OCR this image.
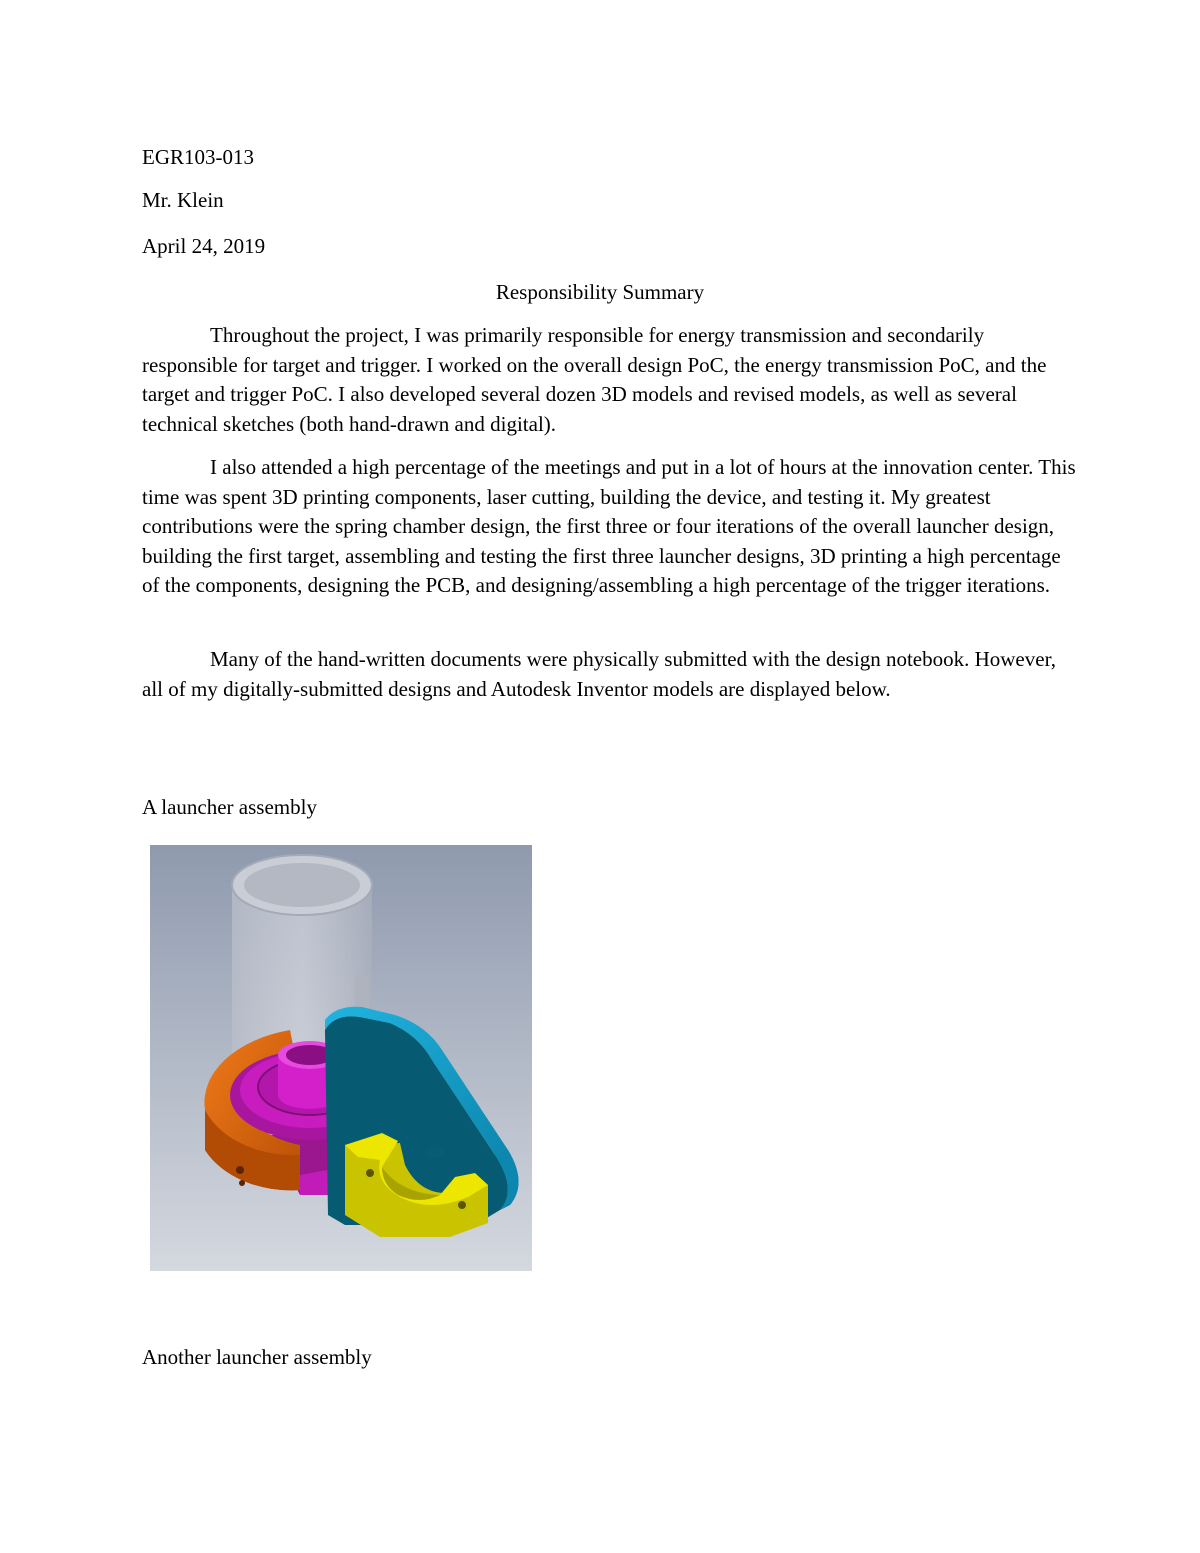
EGR103-013
Mr. Klein
April 24, 2019
Responsibility Summary

Throughout the project, I was primarily responsible for energy transmission and secondarily responsible for target and trigger. I worked on the overall design PoC, the energy transmission PoC, and the target and trigger PoC. I also developed several dozen 3D models and revised models, as well as several technical sketches (both hand-drawn and digital).

I also attended a high percentage of the meetings and put in a lot of hours at the innovation center. This time was spent 3D printing components, laser cutting, building the device, and testing it. My greatest contributions were the spring chamber design, the first three or four iterations of the overall launcher design, building the first target, assembling and testing the first three launcher designs, 3D printing a high percentage of the components, designing the PCB, and designing/assembling a high percentage of the trigger iterations.

Many of the hand-written documents were physically submitted with the design notebook. However, all of my digitally-submitted designs and Autodesk Inventor models are displayed below.

A launcher assembly
Another launcher assembly
